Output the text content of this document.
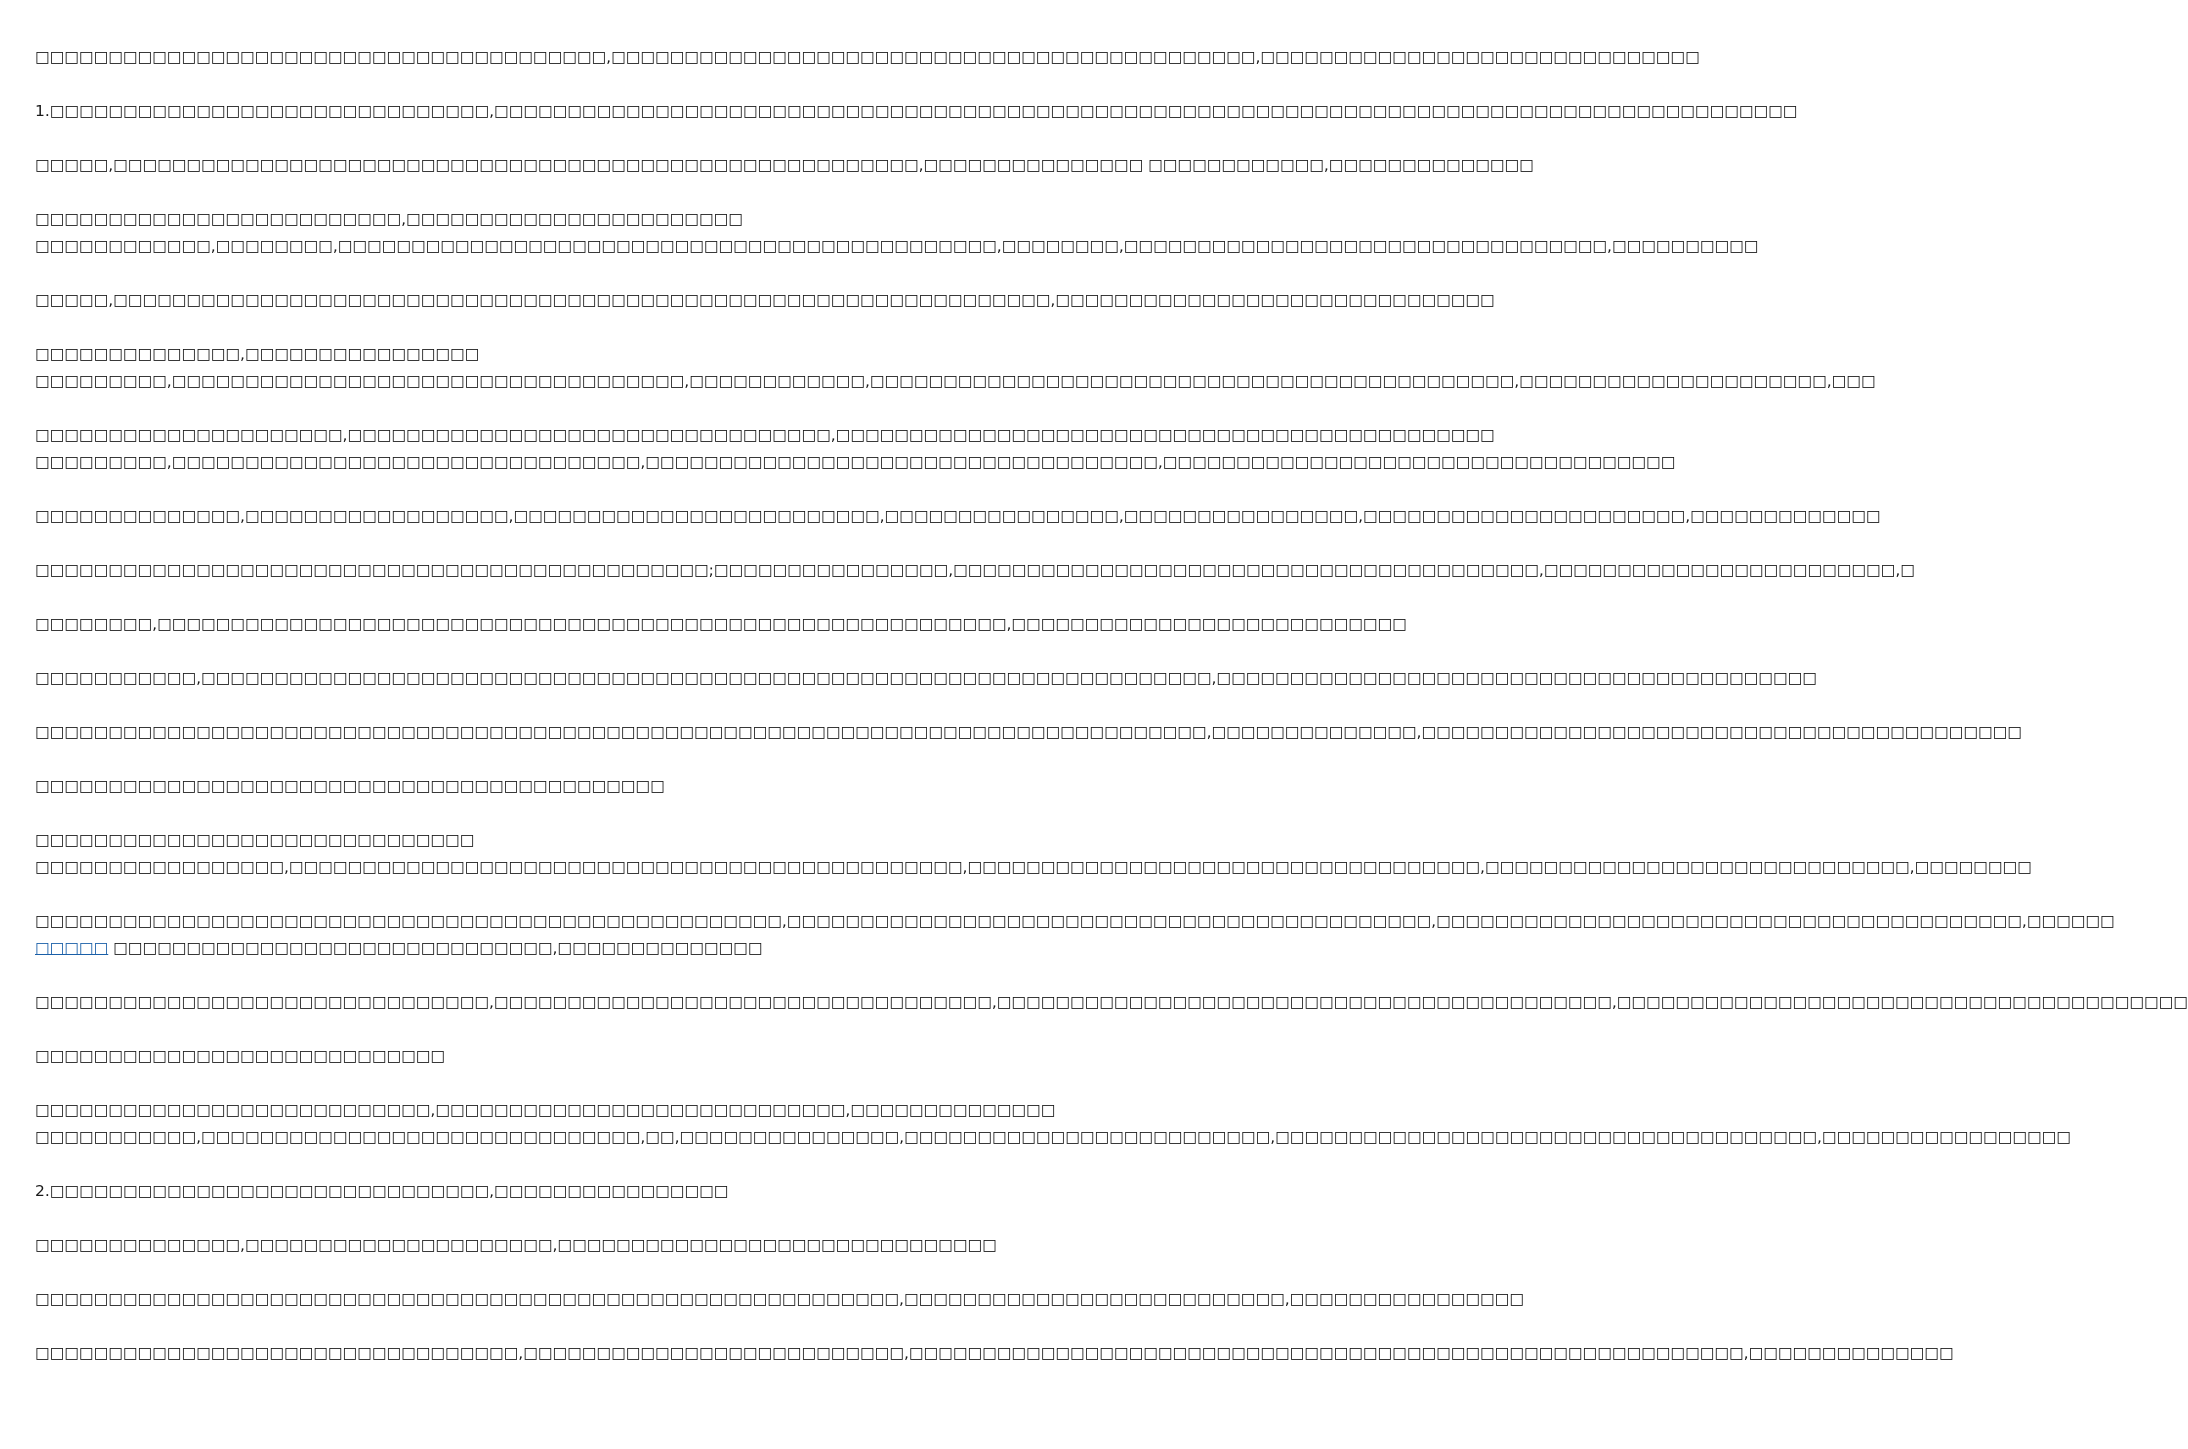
□□□□□□□□□□□□□□□□□□□□□□□□□□□□□□□□□□□□□□□,□□□□□□□□□□□□□□□□□□□□□□□□□□□□□□□□□□□□□□□□□□□□,□□□□□□□□□□□□□□□□□□□□□□□□□□□□□□

1.□□□□□□□□□□□□□□□□□□□□□□□□□□□□□□,□□□□□□□□□□□□□□□□□□□□□□□□□□□□□□□□□□□□□□□□□□□□□□□□□□□□□□□□□□□□□□□□□□□□□□□□□□□□□□□□□□□□□□□□□

□□□□□,□□□□□□□□□□□□□□□□□□□□□□□□□□□□□□□□□□□□□□□□□□□□□□□□□□□□□□□,□□□□□□□□□□□□□□□ □□□□□□□□□□□□,□□□□□□□□□□□□□□

□□□□□□□□□□□□□□□□□□□□□□□□□,□□□□□□□□□□□□□□□□□□□□□□□
□□□□□□□□□□□□,□□□□□□□□,□□□□□□□□□□□□□□□□□□□□□□□□□□□□□□□□□□□□□□□□□□□□□,□□□□□□□□,□□□□□□□□□□□□□□□□□□□□□□□□□□□□□□□□□,□□□□□□□□□□

□□□□□,□□□□□□□□□□□□□□□□□□□□□□□□□□□□□□□□□□□□□□□□□□□□□□□□□□□□□□□□□□□□□□□□,□□□□□□□□□□□□□□□□□□□□□□□□□□□□□□

□□□□□□□□□□□□□□,□□□□□□□□□□□□□□□□
□□□□□□□□□,□□□□□□□□□□□□□□□□□□□□□□□□□□□□□□□□□□□,□□□□□□□□□□□□,□□□□□□□□□□□□□□□□□□□□□□□□□□□□□□□□□□□□□□□□□□□□,□□□□□□□□□□□□□□□□□□□□□,□□□

□□□□□□□□□□□□□□□□□□□□□,□□□□□□□□□□□□□□□□□□□□□□□□□□□□□□□□□,□□□□□□□□□□□□□□□□□□□□□□□□□□□□□□□□□□□□□□□□□□□□□
□□□□□□□□□,□□□□□□□□□□□□□□□□□□□□□□□□□□□□□□□□,□□□□□□□□□□□□□□□□□□□□□□□□□□□□□□□□□□□,□□□□□□□□□□□□□□□□□□□□□□□□□□□□□□□□□□□

□□□□□□□□□□□□□□,□□□□□□□□□□□□□□□□□□,□□□□□□□□□□□□□□□□□□□□□□□□□,□□□□□□□□□□□□□□□□,□□□□□□□□□□□□□□□□,□□□□□□□□□□□□□□□□□□□□□□,□□□□□□□□□□□□□

□□□□□□□□□□□□□□□□□□□□□□□□□□□□□□□□□□□□□□□□□□□□□□;□□□□□□□□□□□□□□□□,□□□□□□□□□□□□□□□□□□□□□□□□□□□□□□□□□□□□□□□□,□□□□□□□□□□□□□□□□□□□□□□□□,□

□□□□□□□□,□□□□□□□□□□□□□□□□□□□□□□□□□□□□□□□□□□□□□□□□□□□□□□□□□□□□□□□□□□,□□□□□□□□□□□□□□□□□□□□□□□□□□□

□□□□□□□□□□□,□□□□□□□□□□□□□□□□□□□□□□□□□□□□□□□□□□□□□□□□□□□□□□□□□□□□□□□□□□□□□□□□□□□□□,□□□□□□□□□□□□□□□□□□□□□□□□□□□□□□□□□□□□□□□□□

□□□□□□□□□□□□□□□□□□□□□□□□□□□□□□□□□□□□□□□□□□□□□□□□□□□□□□□□□□□□□□□□□□□□□□□□□□□□□□□□,□□□□□□□□□□□□□□,□□□□□□□□□□□□□□□□□□□□□□□□□□□□□□□□□□□□□□□□□

□□□□□□□□□□□□□□□□□□□□□□□□□□□□□□□□□□□□□□□□□□□

□□□□□□□□□□□□□□□□□□□□□□□□□□□□□□
□□□□□□□□□□□□□□□□□,□□□□□□□□□□□□□□□□□□□□□□□□□□□□□□□□□□□□□□□□□□□□□□,□□□□□□□□□□□□□□□□□□□□□□□□□□□□□□□□□□□,□□□□□□□□□□□□□□□□□□□□□□□□□□□□□,□□□□□□□□

□□□□□□□□□□□□□□□□□□□□□□□□□□□□□□□□□□□□□□□□□□□□□□□□□□□,□□□□□□□□□□□□□□□□□□□□□□□□□□□□□□□□□□□□□□□□□□□□,□□□□□□□□□□□□□□□□□□□□□□□□□□□□□□□□□□□□□□□□,□□□□□□
□□□□□ □□□□□□□□□□□□□□□□□□□□□□□□□□□□□□,□□□□□□□□□□□□□□

□□□□□□□□□□□□□□□□□□□□□□□□□□□□□□□,□□□□□□□□□□□□□□□□□□□□□□□□□□□□□□□□□□,□□□□□□□□□□□□□□□□□□□□□□□□□□□□□□□□□□□□□□□□□□,□□□□□□□□□□□□□□□□□□□□□□□□□□□□□□□□□□□□□□□

□□□□□□□□□□□□□□□□□□□□□□□□□□□□

□□□□□□□□□□□□□□□□□□□□□□□□□□□,□□□□□□□□□□□□□□□□□□□□□□□□□□□□,□□□□□□□□□□□□□□
□□□□□□□□□□□,□□□□□□□□□□□□□□□□□□□□□□□□□□□□□□,□□,□□□□□□□□□□□□□□□,□□□□□□□□□□□□□□□□□□□□□□□□□,□□□□□□□□□□□□□□□□□□□□□□□□□□□□□□□□□□□□□,□□□□□□□□□□□□□□□□□

2.□□□□□□□□□□□□□□□□□□□□□□□□□□□□□□,□□□□□□□□□□□□□□□□

□□□□□□□□□□□□□□,□□□□□□□□□□□□□□□□□□□□□,□□□□□□□□□□□□□□□□□□□□□□□□□□□□□□

□□□□□□□□□□□□□□□□□□□□□□□□□□□□□□□□□□□□□□□□□□□□□□□□□□□□□□□□□□□,□□□□□□□□□□□□□□□□□□□□□□□□□□,□□□□□□□□□□□□□□□□

□□□□□□□□□□□□□□□□□□□□□□□□□□□□□□□□□,□□□□□□□□□□□□□□□□□□□□□□□□□□,□□□□□□□□□□□□□□□□□□□□□□□□□□□□□□□□□□□□□□□□□□□□□□□□□□□□□□□□□,□□□□□□□□□□□□□□
